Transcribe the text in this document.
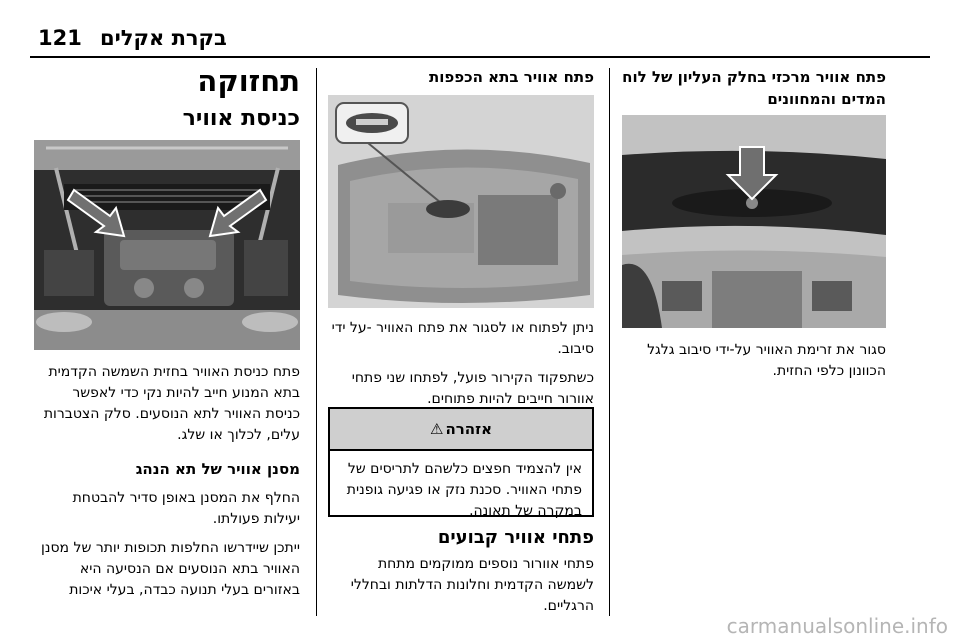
121 בקרת אקלים
תחזוקה
כניסת אוויר

פתח כניסת האוויר בחזית השמשה הקדמית בתא המנוע חייב להיות נקי כדי לאפשר כניסת האוויר לתא הנוסעים. סלק הצטברות עלים, לכלוך או שלג.

מסנן אוויר של תא הנהג

החלף את המסנן באופן סדיר להבטחת יעילות פעולתו.

ייתכן שיידרשו החלפות תכופות יותר של מסנן האוויר בתא הנוסעים אם הנסיעה היא באזורים בעלי תנועה כבדה, בעלי איכות

פתח אוויר בתא הכפפות

ניתן לפתוח או לסגור את פתח האוויר -על ידי סיבוב.

כשתפקוד הקירור פועל, לפתחו שני פתחי אוורור חייבים להיות פתוחים.

אזהרה
⚠
אין להצמיד חפצים כלשהם לתריסים של פתחי האוויר. סכנת נזק או פגיעה גופנית במקרה של תאונה.
פתחי אוויר קבועים

פתחי אוורור נוספים ממוקמים מתחת לשמשה הקדמית וחלונות הדלתות ובחללי הרגליים.

פתח אוויר מרכזי בחלק העליון של לוח המדים והמחוונים

סגור את זרימת האוויר על-ידי סיבוב גלגל הכוונון כלפי החזית.

carmanualsonline.info
